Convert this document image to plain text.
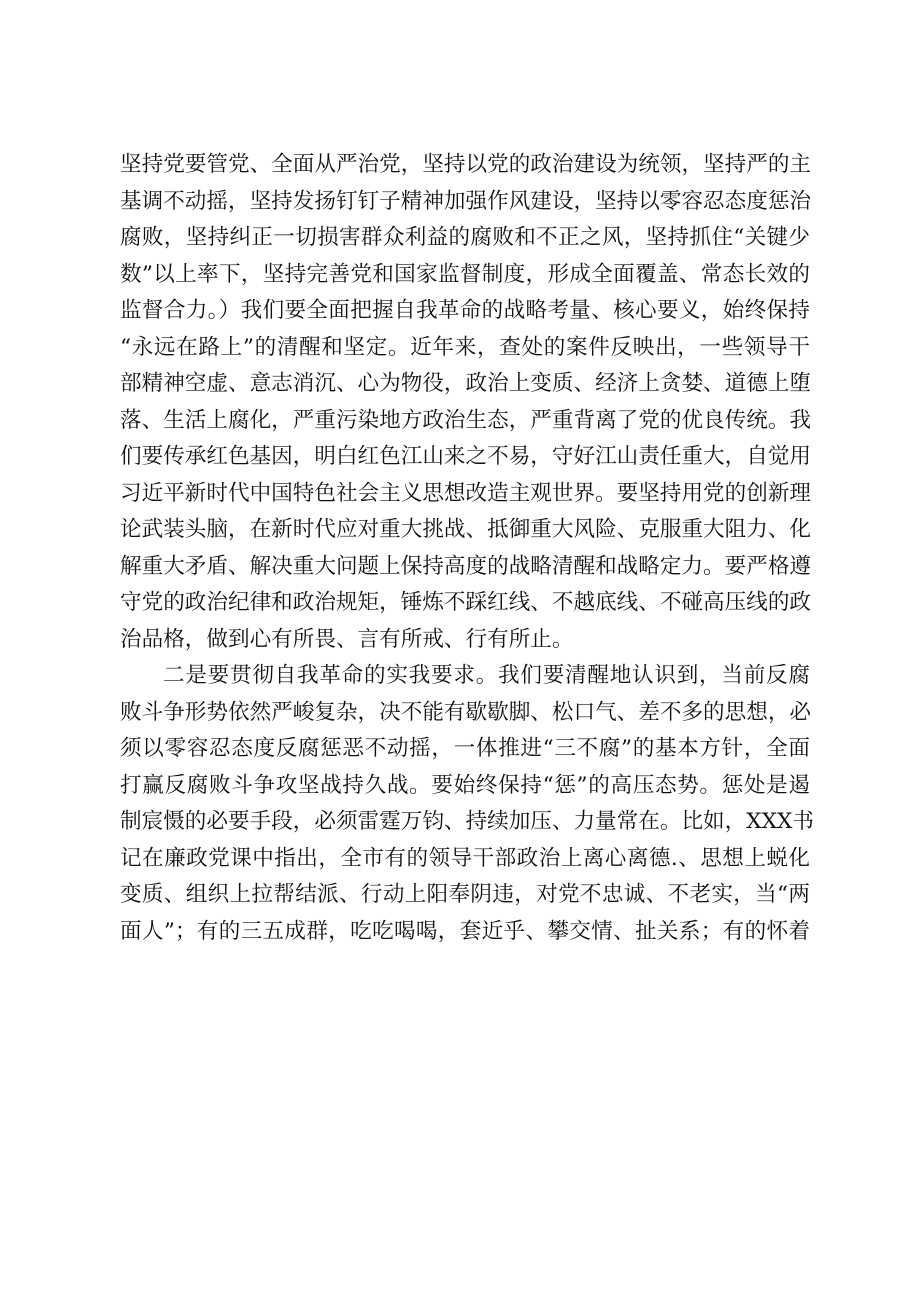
坚持党要管党、全面从严治党，坚持以党的政治建设为统领，坚持严的主
基调不动摇，坚持发扬钉钉子精神加强作风建设，坚持以零容忍态度惩治
腐败，坚持纠正一切损害群众利益的腐败和不正之风，坚持抓住“关键少
数”以上率下，坚持完善党和国家监督制度，形成全面覆盖、常态长效的
监督合力。）我们要全面把握自我革命的战略考量、核心要义，始终保持
“永远在路上”的清醒和坚定。近年来，查处的案件反映出，一些领导干
部精神空虚、意志消沉、心为物役，政治上变质、经济上贪婪、道德上堕
落、生活上腐化，严重污染地方政治生态，严重背离了党的优良传统。我
们要传承红色基因，明白红色江山来之不易，守好江山责任重大，自觉用
习近平新时代中国特色社会主义思想改造主观世界。要坚持用党的创新理
论武装头脑，在新时代应对重大挑战、抵御重大风险、克服重大阻力、化
解重大矛盾、解决重大问题上保持高度的战略清醒和战略定力。要严格遵
守党的政治纪律和政治规矩，锤炼不踩红线、不越底线、不碰高压线的政
治品格，做到心有所畏、言有所戒、行有所止。
二是要贯彻自我革命的实我要求。我们要清醒地认识到，当前反腐
败斗争形势依然严峻复杂，决不能有歇歇脚、松口气、差不多的思想，必
须以零容忍态度反腐惩恶不动摇，一体推进“三不腐”的基本方针，全面
打赢反腐败斗争攻坚战持久战。要始终保持“惩”的高压态势。惩处是遏
制宸慑的必要手段，必须雷霆万钧、持续加压、力量常在。比如，XXX书
记在廉政党课中指出，全市有的领导干部政治上离心离德.、思想上蜕化
变质、组织上拉帮结派、行动上阳奉阴违，对党不忠诚、不老实，当“两
面人”；有的三五成群，吃吃喝喝，套近乎、攀交情、扯关系；有的怀着
